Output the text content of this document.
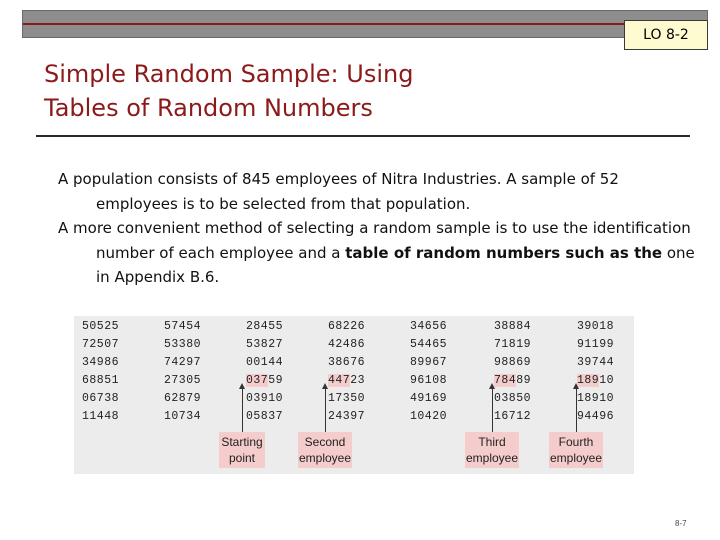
LO 8-2
Simple Random Sample: Using
Tables of Random Numbers

A population consists of 845 employees of Nitra Industries. A sample of 52 employees is to be selected from that population.

A more convenient method of selecting a random sample is to use the identification number of each employee and a table of random numbers such as the one in Appendix B.6.

50525
72507
34986
68851
06738
11448
57454
53380
74297
27305
62879
10734
28455
53827
00144
03759
03910
05837
68226
42486
38676
44723
17350
24397
34656
54465
89967
96108
49169
10420
38884
71819
98869
78489
03850
16712
39018
91199
39744
18910
18910
94496
Starting
point
Second
employee
Third
employee
Fourth
employee
8-7
